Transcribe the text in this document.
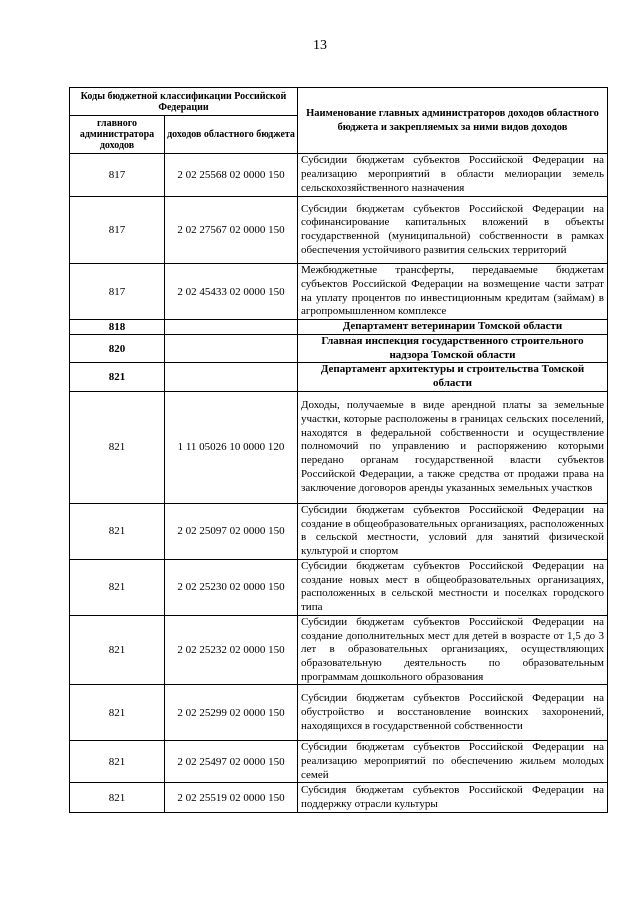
13
Коды бюджетной классификации Российской Федерации		Наименование главных администраторов доходов областного бюджета и закрепляемых за ними видов доходов
главного администратора доходов	доходов областного бюджета	
817	2 02 25568 02 0000 150	Субсидии бюджетам субъектов Российской Федерации на реализацию мероприятий в области мелиорации земель сельскохозяйственного назначения
817	2 02 27567 02 0000 150	Субсидии бюджетам субъектов Российской Федерации на софинансирование капитальных вложений в объекты государственной (муниципальной) собственности в рамках обеспечения устойчивого развития сельских территорий
817	2 02 45433 02 0000 150	Межбюджетные трансферты, передаваемые бюджетам субъектов Российской Федерации на возмещение части затрат на уплату процентов по инвестиционным кредитам (займам) в агропромышленном комплексе
818		Департамент ветеринарии Томской области
820		Главная инспекция государственного строительного надзора Томской области
821		Департамент архитектуры и строительства Томской области
821	1 11 05026 10 0000 120	Доходы, получаемые в виде арендной платы за земельные участки, которые расположены в границах сельских поселений, находятся в федеральной собственности и осуществление полномочий по управлению и распоряжению которыми передано органам государственной власти субъектов Российской Федерации, а также средства от продажи права на заключение договоров аренды указанных земельных участков
821	2 02 25097 02 0000 150	Субсидии бюджетам субъектов Российской Федерации на создание в общеобразовательных организациях, расположенных в сельской местности, условий для занятий физической культурой и спортом
821	2 02 25230 02 0000 150	Субсидии бюджетам субъектов Российской Федерации на создание новых мест в общеобразовательных организациях, расположенных в сельской местности и поселках городского типа
821	2 02 25232 02 0000 150	Субсидии бюджетам субъектов Российской Федерации на создание дополнительных мест для детей в возрасте от 1,5 до 3 лет в образовательных организациях, осуществляющих образовательную деятельность по образовательным программам дошкольного образования
821	2 02 25299 02 0000 150	Субсидии бюджетам субъектов Российской Федерации на обустройство и восстановление воинских захоронений, находящихся в государственной собственности
821	2 02 25497 02 0000 150	Субсидии бюджетам субъектов Российской Федерации на реализацию мероприятий по обеспечению жильем молодых семей
821	2 02 25519 02 0000 150	Субсидия бюджетам субъектов Российской Федерации на поддержку отрасли культуры
